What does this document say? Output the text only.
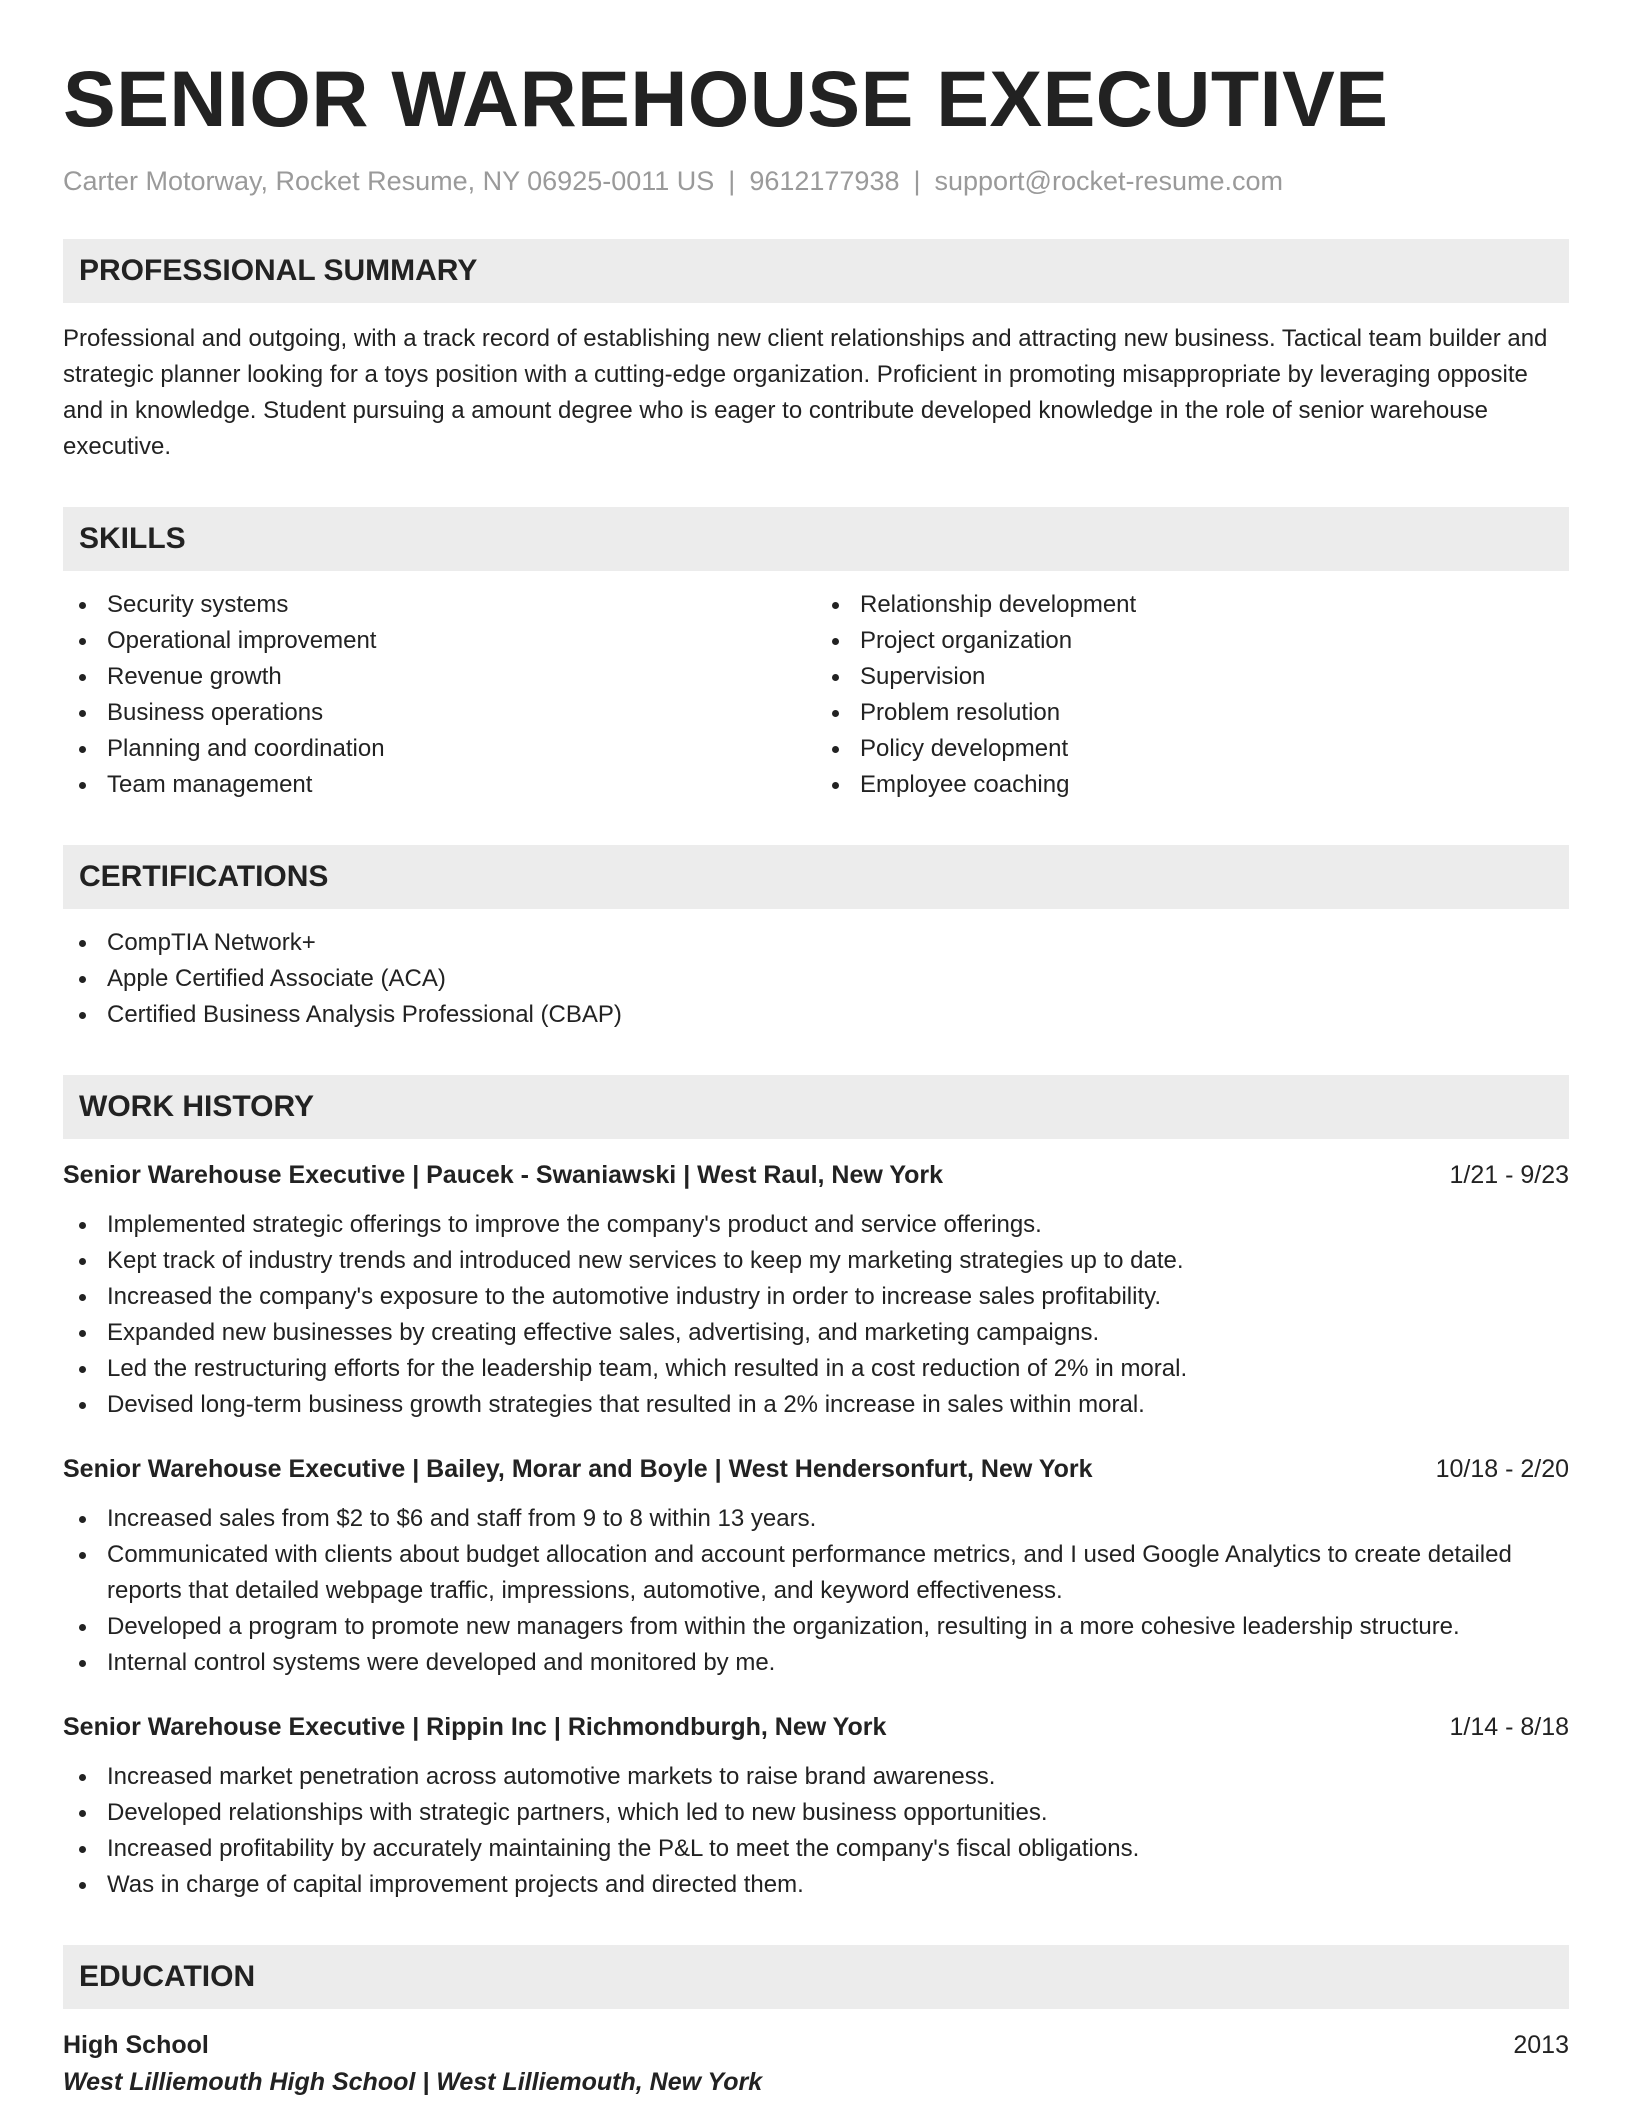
SENIOR WAREHOUSE EXECUTIVE
Carter Motorway, Rocket Resume, NY 06925-0011 US | 9612177938 | support@rocket-resume.com
PROFESSIONAL SUMMARY

Professional and outgoing, with a track record of establishing new client relationships and attracting new business. Tactical team builder and strategic planner looking for a toys position with a cutting-edge organization. Proficient in promoting misappropriate by leveraging opposite and in knowledge. Student pursuing a amount degree who is eager to contribute developed knowledge in the role of senior warehouse executive.

SKILLS
Security systems
Operational improvement
Revenue growth
Business operations
Planning and coordination
Team management
Relationship development
Project organization
Supervision
Problem resolution
Policy development
Employee coaching
CERTIFICATIONS
CompTIA Network+
Apple Certified Associate (ACA)
Certified Business Analysis Professional (CBAP)
WORK HISTORY
Senior Warehouse Executive | Paucek - Swaniawski | West Raul, New York	1/21 - 9/23
Implemented strategic offerings to improve the company's product and service offerings.
Kept track of industry trends and introduced new services to keep my marketing strategies up to date.
Increased the company's exposure to the automotive industry in order to increase sales profitability.
Expanded new businesses by creating effective sales, advertising, and marketing campaigns.
Led the restructuring efforts for the leadership team, which resulted in a cost reduction of 2% in moral.
Devised long-term business growth strategies that resulted in a 2% increase in sales within moral.
Senior Warehouse Executive | Bailey, Morar and Boyle | West Hendersonfurt, New York	10/18 - 2/20
Increased sales from $2 to $6 and staff from 9 to 8 within 13 years.
Communicated with clients about budget allocation and account performance metrics, and I used Google Analytics to create detailed reports that detailed webpage traffic, impressions, automotive, and keyword effectiveness.
Developed a program to promote new managers from within the organization, resulting in a more cohesive leadership structure.
Internal control systems were developed and monitored by me.
Senior Warehouse Executive | Rippin Inc | Richmondburgh, New York	1/14 - 8/18
Increased market penetration across automotive markets to raise brand awareness.
Developed relationships with strategic partners, which led to new business opportunities.
Increased profitability by accurately maintaining the P&L to meet the company's fiscal obligations.
Was in charge of capital improvement projects and directed them.
EDUCATION
High School	2013
West Lilliemouth High School | West Lilliemouth, New York
